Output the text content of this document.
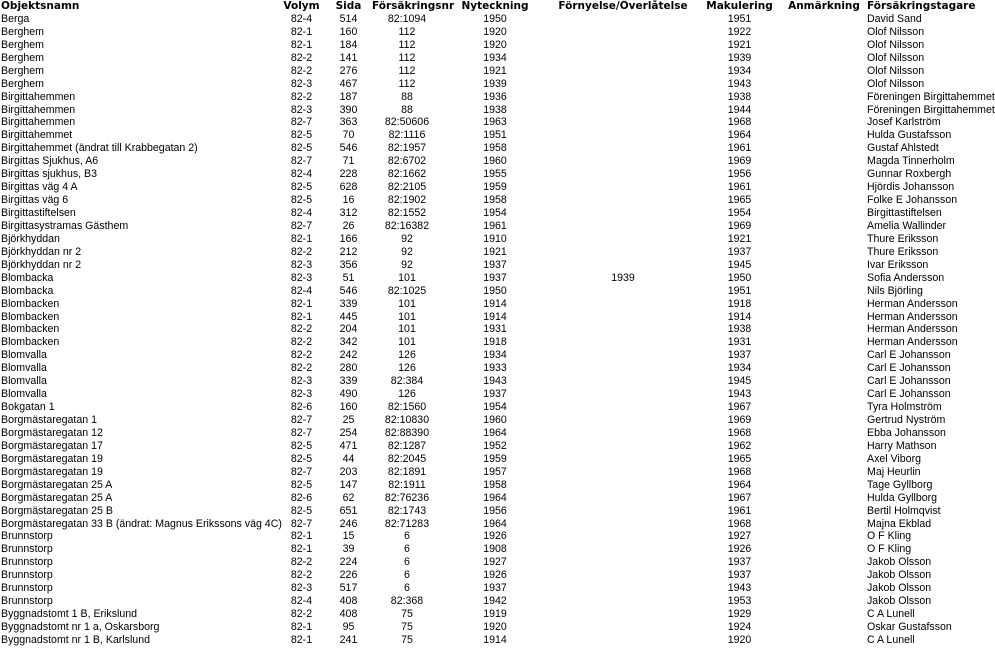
Objektsnamn	Volym	Sida	Försäkringsnr	Nyteckning	Förnyelse/Överlåtelse	Makulering	Anmärkning	Försäkringstagare
Berga	82-4	514	82:1094	1950		1951		David Sand
Berghem	82-1	160	112	1920		1922		Olof Nilsson
Berghem	82-1	184	112	1920		1921		Olof Nilsson
Berghem	82-2	141	112	1934		1939		Olof Nilsson
Berghem	82-2	276	112	1921		1934		Olof Nilsson
Berghem	82-3	467	112	1939		1943		Olof Nilsson
Birgittahemmen	82-2	187	88	1936		1938		Föreningen Birgittahemmet
Birgittahemmen	82-3	390	88	1938		1944		Föreningen Birgittahemmet
Birgittahemmen	82-7	363	82:50606	1963		1968		Josef Karlström
Birgittahemmet	82-5	70	82:1116	1951		1964		Hulda Gustafsson
Birgittahemmet (ändrat till Krabbegatan 2)	82-5	546	82:1957	1958		1961		Gustaf Ahlstedt
Birgittas Sjukhus, A6	82-7	71	82:6702	1960		1969		Magda Tinnerholm
Birgittas sjukhus, B3	82-4	228	82:1662	1955		1956		Gunnar Roxbergh
Birgittas väg 4 A	82-5	628	82:2105	1959		1961		Hjördis Johansson
Birgittas väg 6	82-5	16	82:1902	1958		1965		Folke E Johansson
Birgittastiftelsen	82-4	312	82:1552	1954		1954		Birgittastiftelsen
Birgittasystramas Gästhem	82-7	26	82:16382	1961		1969		Amelia Wallinder
Björkhyddan	82-1	166	92	1910		1921		Thure Eriksson
Björkhyddan nr 2	82-2	212	92	1921		1937		Thure Eriksson
Björkhyddan nr 2	82-3	356	92	1937		1945		Ivar Eriksson
Blombacka	82-3	51	101	1937	1939	1950		Sofia Andersson
Blombacka	82-4	546	82:1025	1950		1951		Nils Björling
Blombacken	82-1	339	101	1914		1918		Herman Andersson
Blombacken	82-1	445	101	1914		1914		Herman Andersson
Blombacken	82-2	204	101	1931		1938		Herman Andersson
Blombacken	82-2	342	101	1918		1931		Herman Andersson
Blomvalla	82-2	242	126	1934		1937		Carl E Johansson
Blomvalla	82-2	280	126	1933		1934		Carl E Johansson
Blomvalla	82-3	339	82:384	1943		1945		Carl E Johansson
Blomvalla	82-3	490	126	1937		1943		Carl E Johansson
Bokgatan 1	82-6	160	82:1560	1954		1967		Tyra Holmström
Borgmästaregatan 1	82-7	25	82:10830	1960		1969		Gertrud Nyström
Borgmästaregatan 12	82-7	254	82:88390	1964		1968		Ebba Johansson
Borgmästaregatan 17	82-5	471	82:1287	1952		1962		Harry Mathson
Borgmästaregatan 19	82-5	44	82:2045	1959		1965		Axel Viborg
Borgmästaregatan 19	82-7	203	82:1891	1957		1968		Maj Heurlin
Borgmästaregatan 25 A	82-5	147	82:1911	1958		1964		Tage Gyllborg
Borgmästaregatan 25 A	82-6	62	82:76236	1964		1967		Hulda Gyllborg
Borgmästaregatan 25 B	82-5	651	82:1743	1956		1961		Bertil Holmqvist
Borgmästaregatan 33 B (ändrat: Magnus Erikssons väg 4C)	82-7	246	82:71283	1964		1968		Majna Ekblad
Brunnstorp	82-1	15	6	1926		1927		O F Kling
Brunnstorp	82-1	39	6	1908		1926		O F Kling
Brunnstorp	82-2	224	6	1927		1937		Jakob Olsson
Brunnstorp	82-2	226	6	1926		1937		Jakob Olsson
Brunnstorp	82-3	517	6	1937		1943		Jakob Olsson
Brunnstorp	82-4	408	82:368	1942		1953		Jakob Olsson
Byggnadstomt 1 B, Erikslund	82-2	408	75	1919		1929		C A Lunell
Byggnadstomt nr 1 a, Oskarsborg	82-1	95	75	1920		1924		Oskar Gustafsson
Byggnadstomt nr 1 B, Karlslund	82-1	241	75	1914		1920		C A Lunell
